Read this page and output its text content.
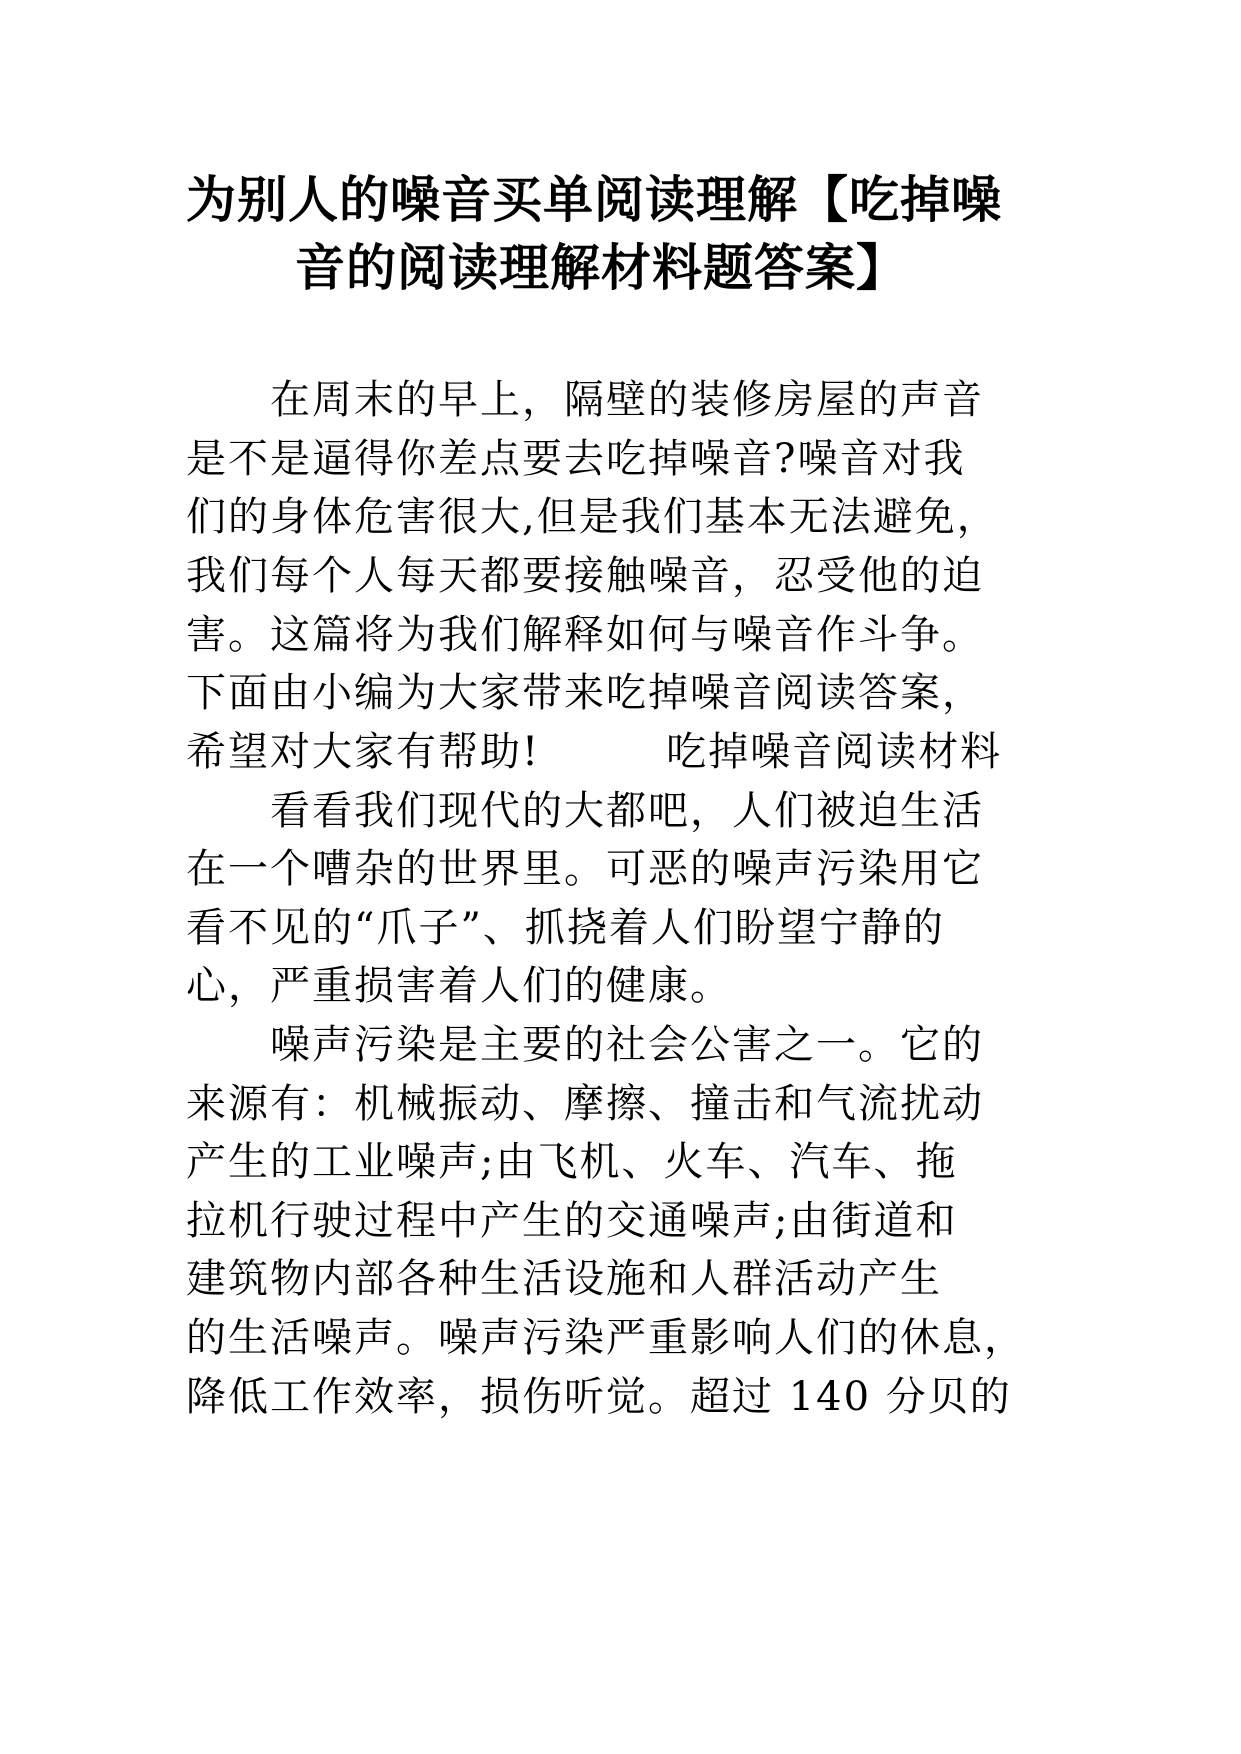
为别人的噪音买单阅读理解【吃掉噪
音的阅读理解材料题答案】
　　在周末的早上，隔壁的装修房屋的声音
是不是逼得你差点要去吃掉噪音?噪音对我
们的身体危害很大,但是我们基本无法避免，
我们每个人每天都要接触噪音，忍受他的迫
害。这篇将为我们解释如何与噪音作斗争。
下面由小编为大家带来吃掉噪音阅读答案，
希望对大家有帮助!　　　吃掉噪音阅读材料
　　看看我们现代的大都吧，人们被迫生活
在一个嘈杂的世界里。可恶的噪声污染用它
看不见的“爪子”、抓挠着人们盼望宁静的
心，严重损害着人们的健康。
　　噪声污染是主要的社会公害之一。它的
来源有：机械振动、摩擦、撞击和气流扰动
产生的工业噪声;由飞机、火车、汽车、拖
拉机行驶过程中产生的交通噪声;由街道和
建筑物内部各种生活设施和人群活动产生
的生活噪声。噪声污染严重影响人们的休息，
降低工作效率，损伤听觉。超过 140 分贝的
